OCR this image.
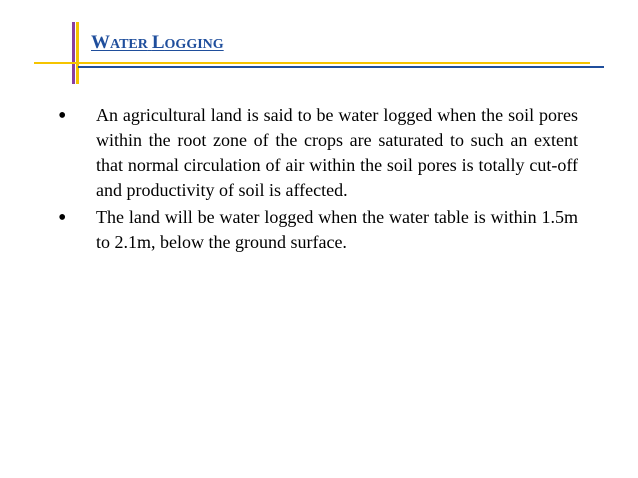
WATER LOGGING
• An agricultural land is said to be water logged when the soil pores within the root zone of the crops are saturated to such an extent that normal circulation of air within the soil pores is totally cut-off and productivity of soil is affected.
• The land will be water logged when the water table is within 1.5m to 2.1m, below the ground surface.
